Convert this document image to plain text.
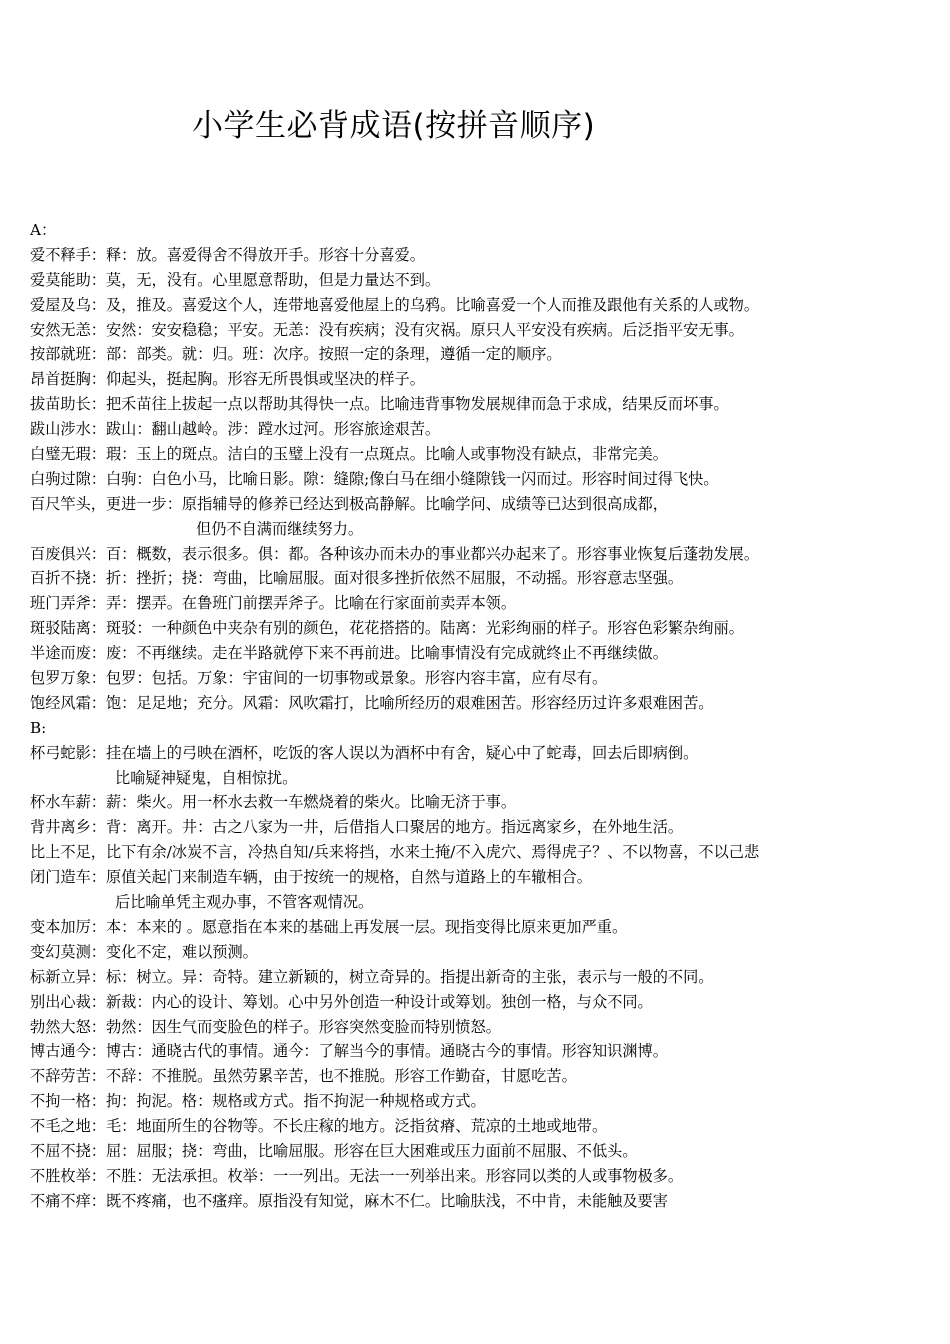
小学生必背成语(按拼音顺序)
A：
爱不释手：释：放。喜爱得舍不得放开手。形容十分喜爱。
爱莫能助：莫，无，没有。心里愿意帮助，但是力量达不到。
爱屋及乌：及，推及。喜爱这个人，连带地喜爱他屋上的乌鸦。比喻喜爱一个人而推及跟他有关系的人或物。
安然无恙：安然：安安稳稳；平安。无恙：没有疾病；没有灾祸。原只人平安没有疾病。后泛指平安无事。
按部就班：部：部类。就：归。班：次序。按照一定的条理，遵循一定的顺序。
昂首挺胸：仰起头，挺起胸。形容无所畏惧或坚决的样子。
拔苗助长：把禾苗往上拔起一点以帮助其得快一点。比喻违背事物发展规律而急于求成，结果反而坏事。
跋山涉水：跋山：翻山越岭。涉：蹚水过河。形容旅途艰苦。
白璧无瑕：瑕：玉上的斑点。洁白的玉璧上没有一点斑点。比喻人或事物没有缺点，非常完美。
白驹过隙：白驹：白色小马，比喻日影。隙：缝隙;像白马在细小缝隙钱一闪而过。形容时间过得飞快。
百尺竿头，更进一步：原指辅导的修养已经达到极高静解。比喻学问、成绩等已达到很高成都，
但仍不自满而继续努力。
百废俱兴：百：概数，表示很多。俱：都。各种该办而未办的事业都兴办起来了。形容事业恢复后蓬勃发展。
百折不挠：折：挫折；挠：弯曲，比喻屈服。面对很多挫折依然不屈服，不动摇。形容意志坚强。
班门弄斧：弄：摆弄。在鲁班门前摆弄斧子。比喻在行家面前卖弄本领。
斑驳陆离：斑驳：一种颜色中夹杂有别的颜色，花花搭搭的。陆离：光彩绚丽的样子。形容色彩繁杂绚丽。
半途而废：废：不再继续。走在半路就停下来不再前进。比喻事情没有完成就终止不再继续做。
包罗万象：包罗：包括。万象：宇宙间的一切事物或景象。形容内容丰富，应有尽有。
饱经风霜：饱：足足地；充分。风霜：风吹霜打，比喻所经历的艰难困苦。形容经历过许多艰难困苦。
B:
杯弓蛇影：挂在墙上的弓映在酒杯，吃饭的客人误以为酒杯中有舍，疑心中了蛇毒，回去后即病倒。
比喻疑神疑鬼，自相惊扰。
杯水车薪：薪：柴火。用一杯水去救一车燃烧着的柴火。比喻无济于事。
背井离乡：背：离开。井：古之八家为一井，后借指人口聚居的地方。指远离家乡，在外地生活。
比上不足，比下有余/冰炭不言，冷热自知/兵来将挡，水来土掩/不入虎穴、焉得虎子？、不以物喜，不以己悲
闭门造车：原值关起门来制造车辆，由于按统一的规格，自然与道路上的车辙相合。
后比喻单凭主观办事，不管客观情况。
变本加厉：本：本来的 。愿意指在本来的基础上再发展一层。现指变得比原来更加严重。
变幻莫测：变化不定，难以预测。
标新立异：标：树立。异：奇特。建立新颖的，树立奇异的。指提出新奇的主张，表示与一般的不同。
别出心裁：新裁：内心的设计、筹划。心中另外创造一种设计或筹划。独创一格，与众不同。
勃然大怒：勃然：因生气而变脸色的样子。形容突然变脸而特别愤怒。
博古通今：博古：通晓古代的事情。通今：了解当今的事情。通晓古今的事情。形容知识渊博。
不辞劳苦：不辞：不推脱。虽然劳累辛苦，也不推脱。形容工作勤奋，甘愿吃苦。
不拘一格：拘：拘泥。格：规格或方式。指不拘泥一种规格或方式。
不毛之地：毛：地面所生的谷物等。不长庄稼的地方。泛指贫瘠、荒凉的土地或地带。
不屈不挠：屈：屈服；挠：弯曲，比喻屈服。形容在巨大困难或压力面前不屈服、不低头。
不胜枚举：不胜：无法承担。枚举：一一列出。无法一一列举出来。形容同以类的人或事物极多。
不痛不痒：既不疼痛，也不瘙痒。原指没有知觉，麻木不仁。比喻肤浅，不中肯，未能触及要害
